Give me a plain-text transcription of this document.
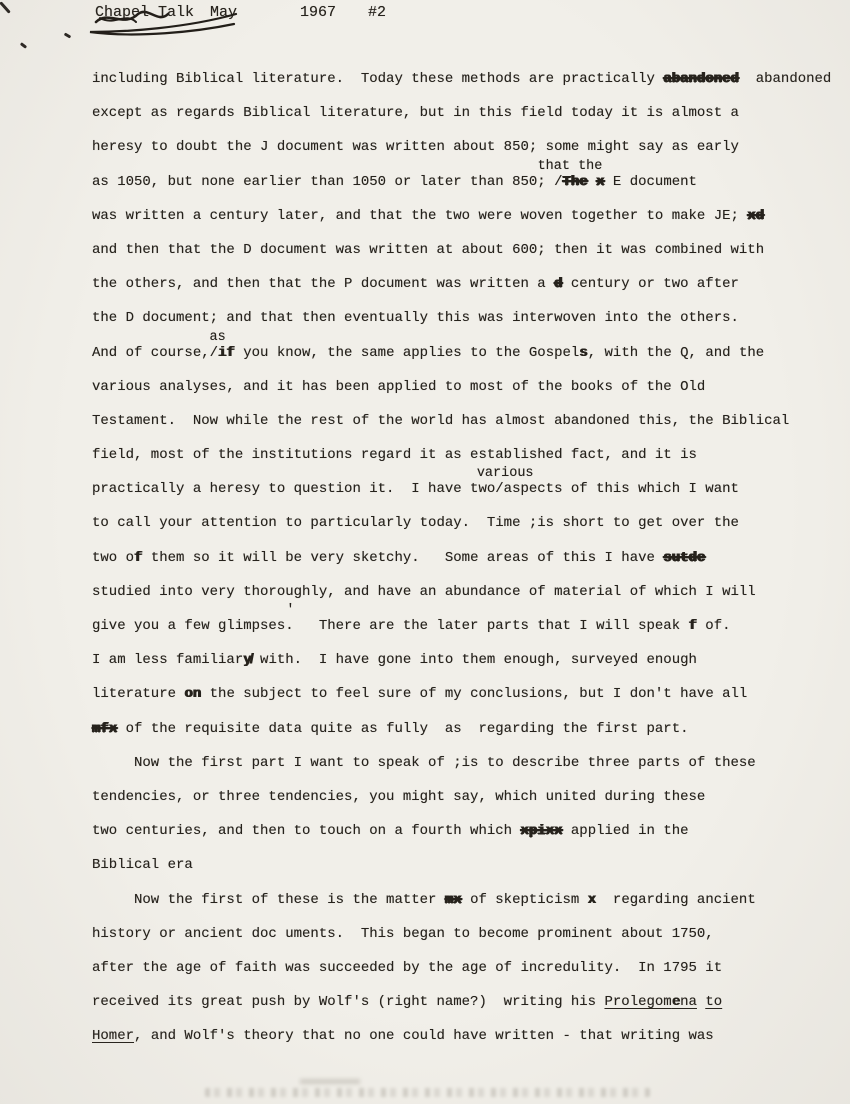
Chapel Talk May	1967 #2
including Biblical literature.  Today these methods are practically abandoned  abandoned
except as regards Biblical literature, but in this field today it is almost a
heresy to doubt the J document was written about 850; some might say as early
that the
as 1050, but none earlier than 1050 or later than 850; /The x E document
was written a century later, and that the two were woven together to make JE; xd
and then that the D document was written at about 600; then it was combined with
the others, and then that the P document was written a d century or two after
the D document; and that then eventually this was interwoven into the others.
as
And of course,/if you know, the same applies to the Gospels, with the Q, and the
various analyses, and it has been applied to most of the books of the Old
Testament.  Now while the rest of the world has almost abandoned this, the Biblical
field, most of the institutions regard it as established fact, and it is
various
practically a heresy to question it.  I have two/aspects of this which I want
to call your attention to particularly today.  Time ;is short to get over the
two of them so it will be very sketchy.   Some areas of this I have sutde
studied into very thoroughly, and have an abundance of material of which I will
'
give you a few glimpses.   There are the later parts that I will speak f of.
I am less familiary̸ with.  I have gone into them enough, surveyed enough
literature on the subject to feel sure of my conclusions, but I don't have all
mfx of the requisite data quite as fully  as  regarding the first part.
Now the first part I want to speak of ;is to describe three parts of these
tendencies, or three tendencies, you might say, which united during these
two centuries, and then to touch on a fourth which xpixx applied in the
Biblical era
Now the first of these is the matter mx of skepticism x  regarding ancient
history or ancient doc uments.  This began to become prominent about 1750,
after the age of faith was succeeded by the age of incredulity.  In 1795 it
received its great push by Wolf's (right name?)  writing his Prolegomena to
Homer, and Wolf's theory that no one could have written - that writing was
